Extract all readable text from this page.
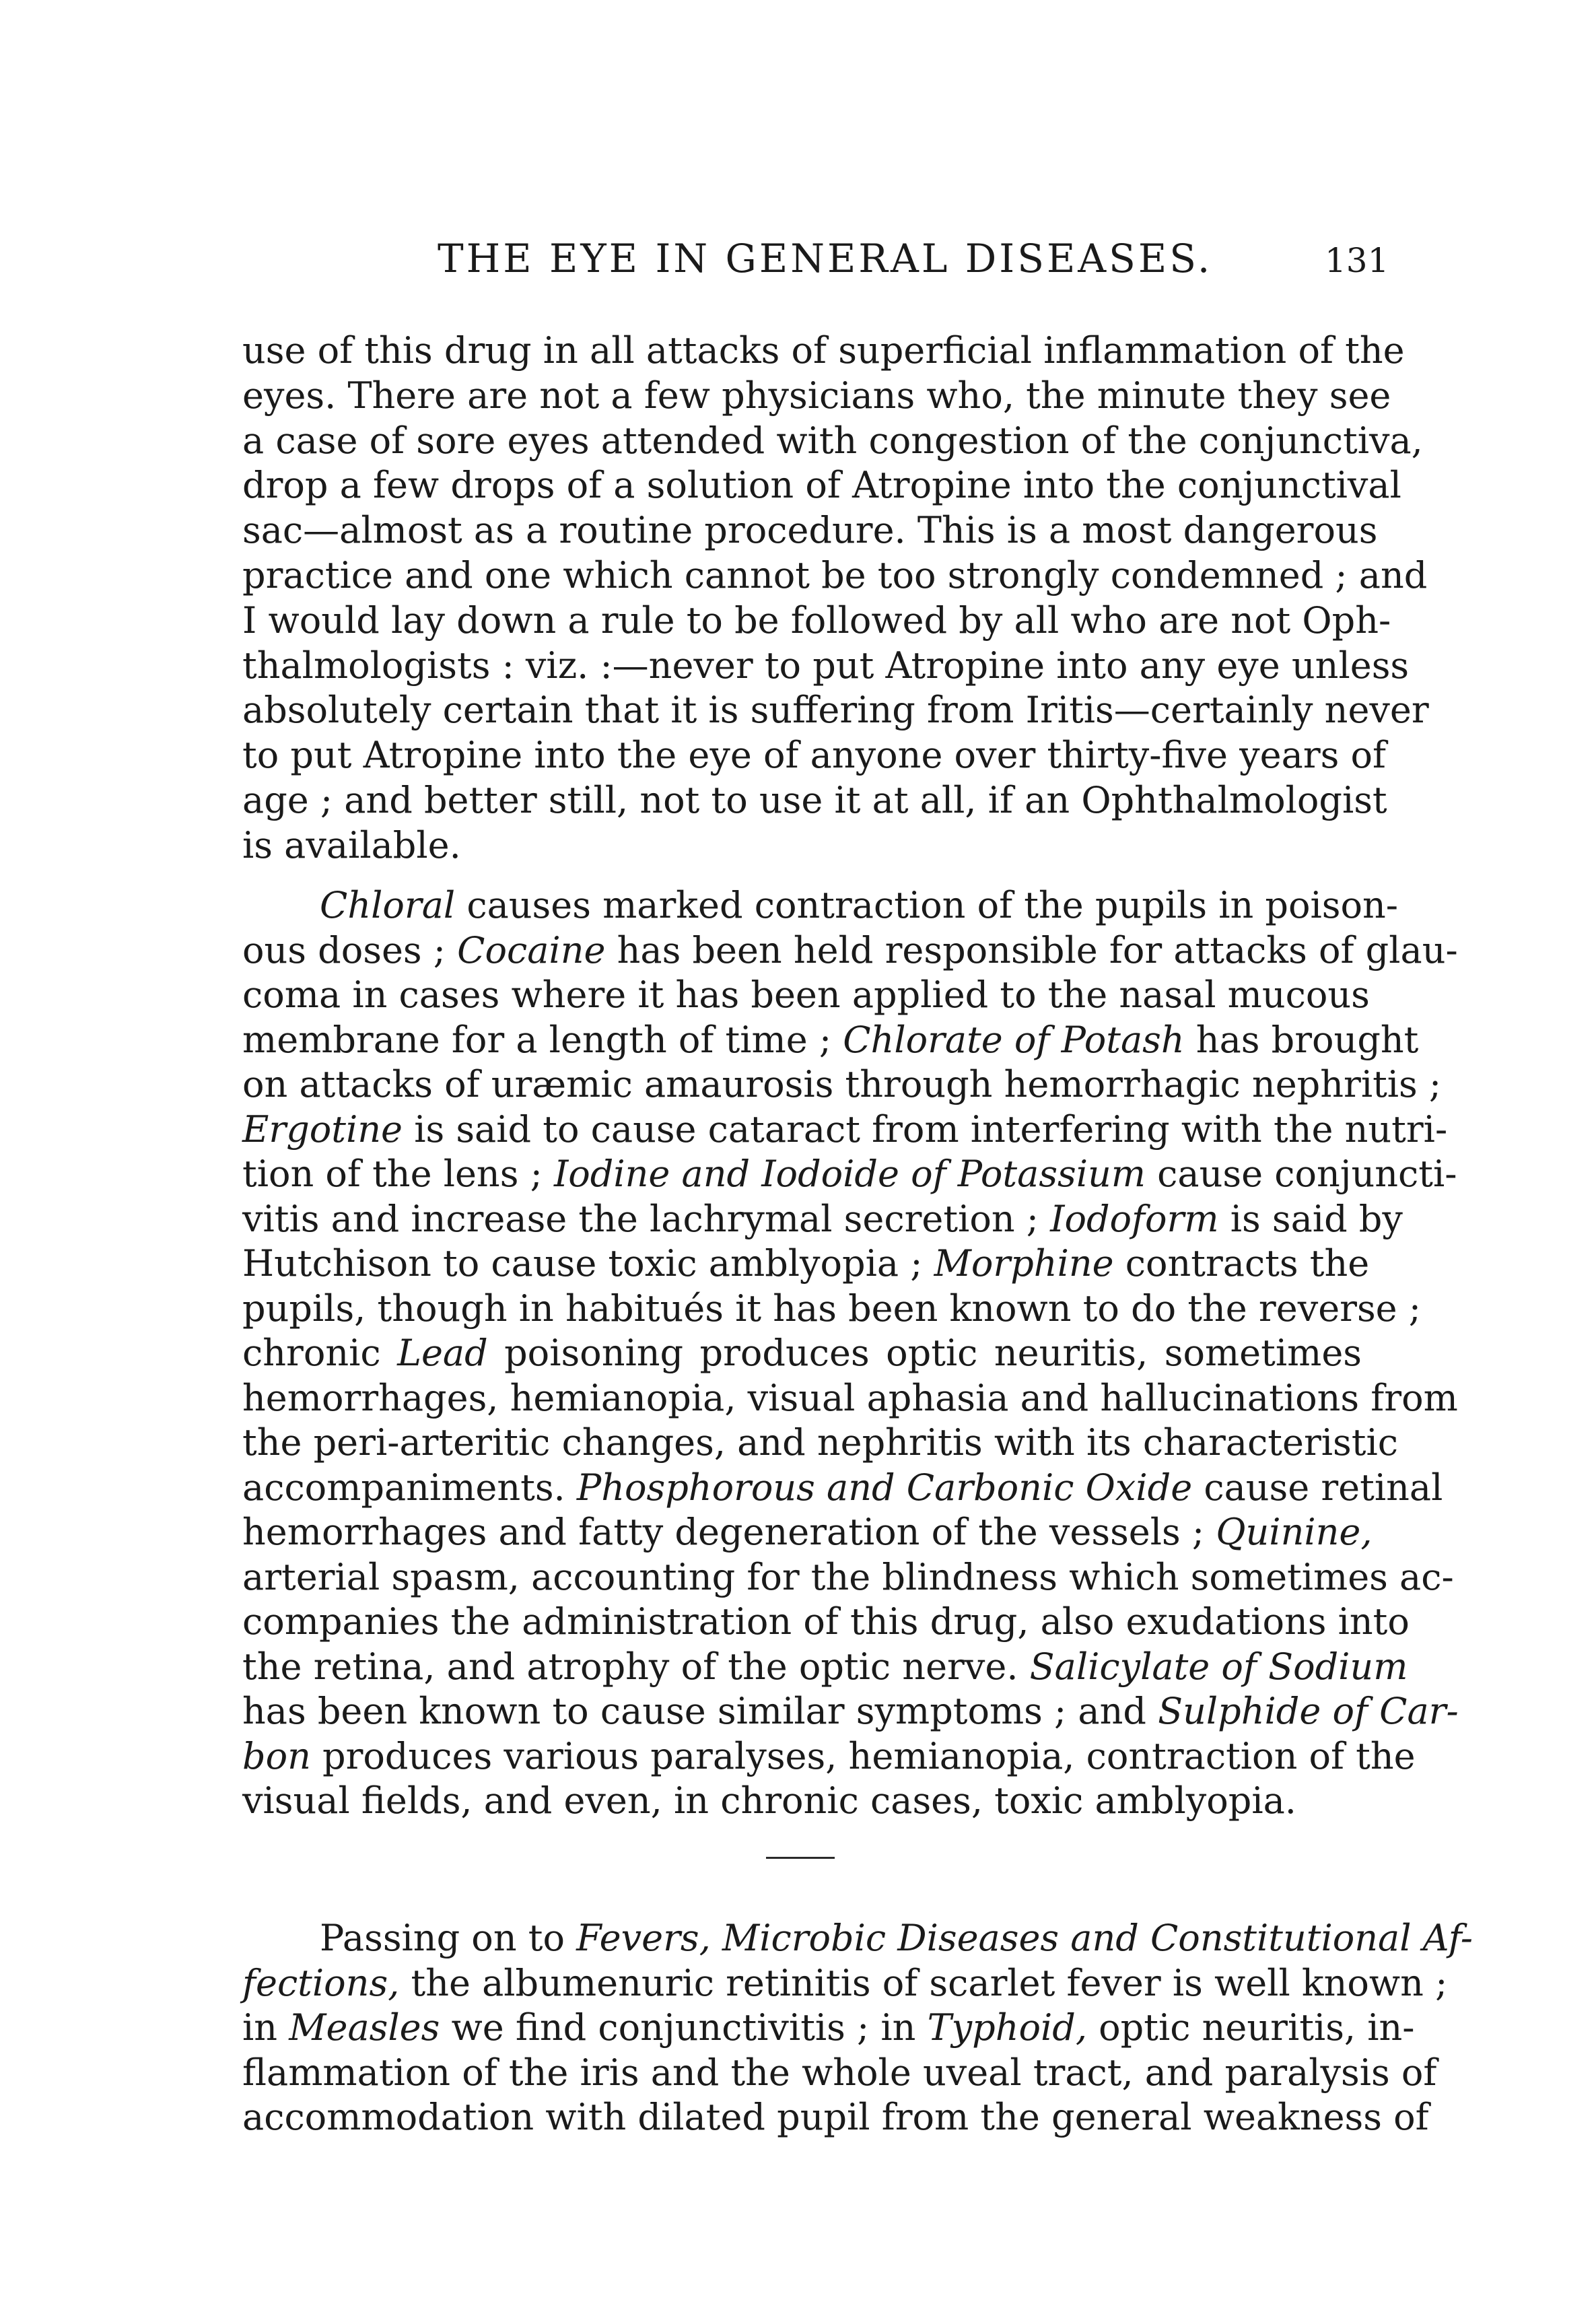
THE EYE IN GENERAL DISEASES.	131
use of this drug in all attacks of superficial inflammation of the
eyes. There are not a few physicians who, the minute they see
a case of sore eyes attended with congestion of the conjunctiva,
drop a few drops of a solution of Atropine into the conjunctival
sac—almost as a routine procedure. This is a most dangerous
practice and one which cannot be too strongly condemned ; and
I would lay down a rule to be followed by all who are not Oph-
thalmologists : viz. :—never to put Atropine into any eye unless
absolutely certain that it is suffering from Iritis—certainly never
to put Atropine into the eye of anyone over thirty-five years of
age ; and better still, not to use it at all, if an Ophthalmologist
is available.
Chloral causes marked contraction of the pupils in poison-
ous doses ; Cocaine has been held responsible for attacks of glau-
coma in cases where it has been applied to the nasal mucous
membrane for a length of time ; Chlorate of Potash has brought
on attacks of uræmic amaurosis through hemorrhagic nephritis ;
Ergotine is said to cause cataract from interfering with the nutri-
tion of the lens ; Iodine and Iodoide of Potassium cause conjuncti-
vitis and increase the lachrymal secretion ; Iodoform is said by
Hutchison to cause toxic amblyopia ; Morphine contracts the
pupils, though in habitués it has been known to do the reverse ;
chronic Lead poisoning produces optic neuritis, sometimes
hemorrhages, hemianopia, visual aphasia and hallucinations from
the peri-arteritic changes, and nephritis with its characteristic
accompaniments. Phosphorous and Carbonic Oxide cause retinal
hemorrhages and fatty degeneration of the vessels ; Quinine,
arterial spasm, accounting for the blindness which sometimes ac-
companies the administration of this drug, also exudations into
the retina, and atrophy of the optic nerve. Salicylate of Sodium
has been known to cause similar symptoms ; and Sulphide of Car-
bon produces various paralyses, hemianopia, contraction of the
visual fields, and even, in chronic cases, toxic amblyopia.
Passing on to Fevers, Microbic Diseases and Constitutional Af-
fections, the albumenuric retinitis of scarlet fever is well known ;
in Measles we find conjunctivitis ; in Typhoid, optic neuritis, in-
flammation of the iris and the whole uveal tract, and paralysis of
accommodation with dilated pupil from the general weakness of
